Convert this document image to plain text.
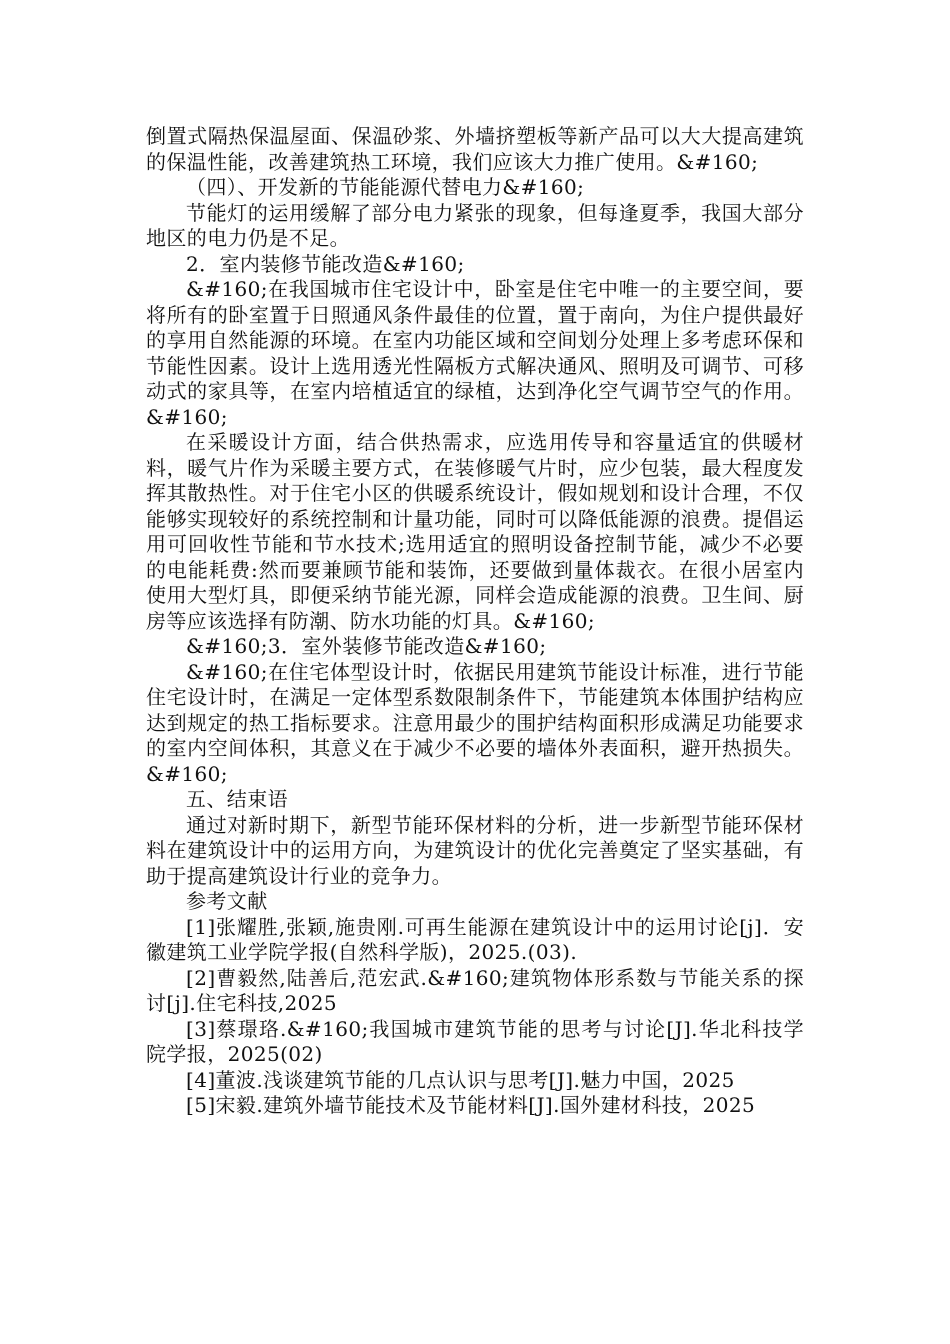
倒置式隔热保温屋面、保温砂浆、外墙挤塑板等新产品可以大大提高建筑的保温性能，改善建筑热工环境，我们应该大力推广使用。&#160;

（四）、开发新的节能能源代替电力&#160;

节能灯的运用缓解了部分电力紧张的现象，但每逢夏季，我国大部分地区的电力仍是不足。

2．室内装修节能改造&#160;

&#160;在我国城市住宅设计中，卧室是住宅中唯一的主要空间，要将所有的卧室置于日照通风条件最佳的位置，置于南向，为住户提供最好的享用自然能源的环境。在室内功能区域和空间划分处理上多考虑环保和节能性因素。设计上选用透光性隔板方式解决通风、照明及可调节、可移动式的家具等，在室内培植适宜的绿植，达到净化空气调节空气的作用。&#160;

在采暖设计方面，结合供热需求，应选用传导和容量适宜的供暖材料，暖气片作为采暖主要方式，在装修暖气片时，应少包装，最大程度发挥其散热性。对于住宅小区的供暖系统设计，假如规划和设计合理，不仅能够实现较好的系统控制和计量功能，同时可以降低能源的浪费。提倡运用可回收性节能和节水技术;选用适宜的照明设备控制节能，减少不必要的电能耗费:然而要兼顾节能和装饰，还要做到量体裁衣。在很小居室内使用大型灯具，即便采纳节能光源，同样会造成能源的浪费。卫生间、厨房等应该选择有防潮、防水功能的灯具。&#160;

&#160;3．室外装修节能改造&#160;

&#160;在住宅体型设计时，依据民用建筑节能设计标准，进行节能住宅设计时，在满足一定体型系数限制条件下，节能建筑本体围护结构应达到规定的热工指标要求。注意用最少的围护结构面积形成满足功能要求的室内空间体积，其意义在于减少不必要的墙体外表面积，避开热损失。&#160;

五、结束语

通过对新时期下，新型节能环保材料的分析，进一步新型节能环保材料在建筑设计中的运用方向，为建筑设计的优化完善奠定了坚实基础，有助于提高建筑设计行业的竞争力。

参考文献

[1]张耀胜,张颖,施贵刚.可再生能源在建筑设计中的运用讨论[j]．安徽建筑工业学院学报(自然科学版)，2025.(03).

[2]曹毅然,陆善后,范宏武.&#160;建筑物体形系数与节能关系的探讨[j].住宅科技,2025

[3]蔡璟珞.&#160;我国城市建筑节能的思考与讨论[J].华北科技学院学报，2025(02)

[4]董波.浅谈建筑节能的几点认识与思考[J].魅力中国，2025

[5]宋毅.建筑外墙节能技术及节能材料[J].国外建材科技，2025
